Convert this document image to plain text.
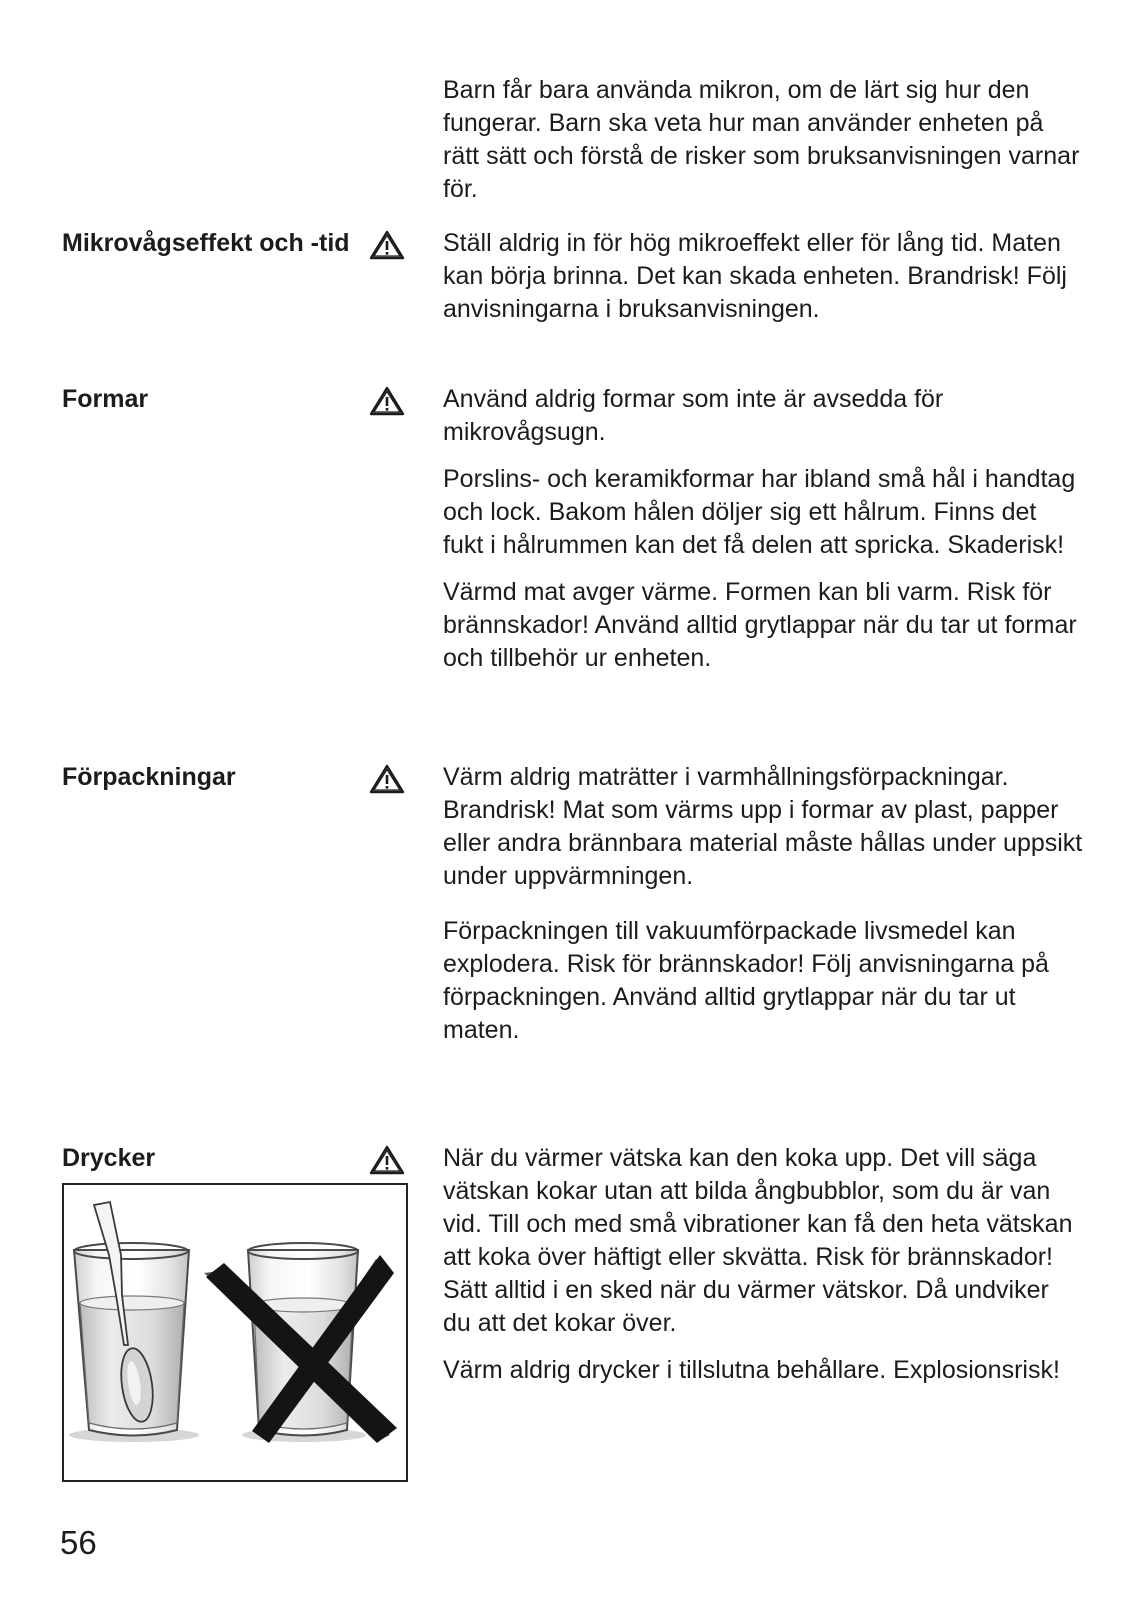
Barn får bara använda mikron, om de lärt sig hur den fungerar. Barn ska veta hur man använder enheten på rätt sätt och förstå de risker som bruksanvisningen varnar för.

Mikrovågseffekt och -tid	Ställ aldrig in för hög mikroeffekt eller för lång tid. Maten kan börja brinna. Det kan skada enheten. Brandrisk! Följ anvisningarna i bruksanvisningen.

Formar	Använd aldrig formar som inte är avsedda för mikrovågsugn.

Porslins- och keramikformar har ibland små hål i handtag och lock. Bakom hålen döljer sig ett hålrum. Finns det fukt i hålrummen kan det få delen att spricka. Skaderisk!

Värmd mat avger värme. Formen kan bli varm. Risk för brännskador! Använd alltid grytlappar när du tar ut formar och tillbehör ur enheten.

Förpackningar	Värm aldrig maträtter i varmhållningsförpackningar. Brandrisk! Mat som värms upp i formar av plast, papper eller andra brännbara material måste hållas under uppsikt under uppvärmningen.

Förpackningen till vakuumförpackade livsmedel kan explodera. Risk för brännskador! Följ anvisningarna på förpackningen. Använd alltid grytlappar när du tar ut maten.

Drycker	När du värmer vätska kan den koka upp. Det vill säga vätskan kokar utan att bilda ångbubblor, som du är van vid. Till och med små vibrationer kan få den heta vätskan att koka över häftigt eller skvätta. Risk för brännskador! Sätt alltid i en sked när du värmer vätskor. Då undviker du att det kokar över.

Värm aldrig drycker i tillslutna behållare. Explosionsrisk!

56
